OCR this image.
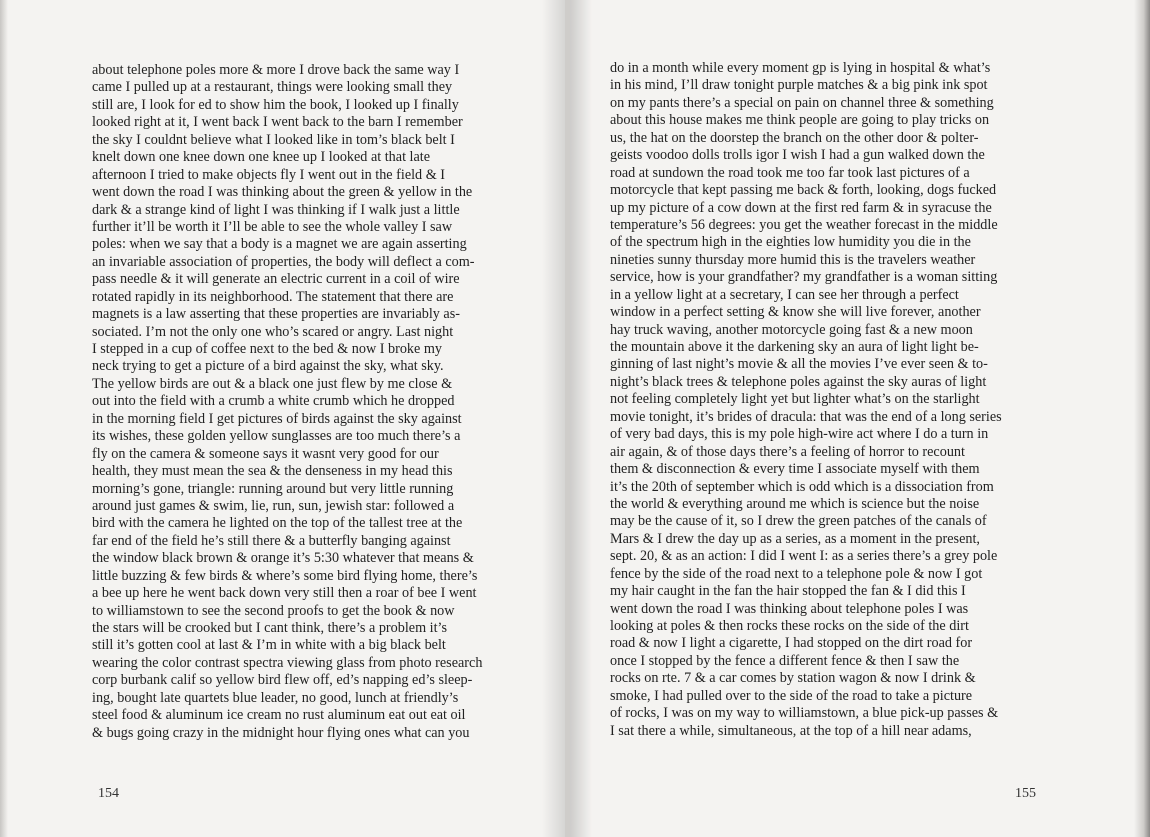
about telephone poles more & more I drove back the same way I
came I pulled up at a restaurant, things were looking small they
still are, I look for ed to show him the book, I looked up I finally
looked right at it, I went back I went back to the barn I remember
the sky I couldnt believe what I looked like in tom’s black belt I
knelt down one knee down one knee up I looked at that late
afternoon I tried to make objects fly I went out in the field & I
went down the road I was thinking about the green & yellow in the
dark & a strange kind of light I was thinking if I walk just a little
further it’ll be worth it I’ll be able to see the whole valley I saw
poles: when we say that a body is a magnet we are again asserting
an invariable association of properties, the body will deflect a com-
pass needle & it will generate an electric current in a coil of wire
rotated rapidly in its neighborhood. The statement that there are
magnets is a law asserting that these properties are invariably as-
sociated. I’m not the only one who’s scared or angry. Last night
I stepped in a cup of coffee next to the bed & now I broke my
neck trying to get a picture of a bird against the sky, what sky.
The yellow birds are out & a black one just flew by me close &
out into the field with a crumb a white crumb which he dropped
in the morning field I get pictures of birds against the sky against
its wishes, these golden yellow sunglasses are too much there’s a
fly on the camera & someone says it wasnt very good for our
health, they must mean the sea & the denseness in my head this
morning’s gone, triangle: running around but very little running
around just games & swim, lie, run, sun, jewish star: followed a
bird with the camera he lighted on the top of the tallest tree at the
far end of the field he’s still there & a butterfly banging against
the window black brown & orange it’s 5:30 whatever that means &
little buzzing & few birds & where’s some bird flying home, there’s
a bee up here he went back down very still then a roar of bee I went
to williamstown to see the second proofs to get the book & now
the stars will be crooked but I cant think, there’s a problem it’s
still it’s gotten cool at last & I’m in white with a big black belt
wearing the color contrast spectra viewing glass from photo research
corp burbank calif so yellow bird flew off, ed’s napping ed’s sleep-
ing, bought late quartets blue leader, no good, lunch at friendly’s
steel food & aluminum ice cream no rust aluminum eat out eat oil
& bugs going crazy in the midnight hour flying ones what can you
154
do in a month while every moment gp is lying in hospital & what’s
in his mind, I’ll draw tonight purple matches & a big pink ink spot
on my pants there’s a special on pain on channel three & something
about this house makes me think people are going to play tricks on
us, the hat on the doorstep the branch on the other door & polter-
geists voodoo dolls trolls igor I wish I had a gun walked down the
road at sundown the road took me too far took last pictures of a
motorcycle that kept passing me back & forth, looking, dogs fucked
up my picture of a cow down at the first red farm & in syracuse the
temperature’s 56 degrees: you get the weather forecast in the middle
of the spectrum high in the eighties low humidity you die in the
nineties sunny thursday more humid this is the travelers weather
service, how is your grandfather? my grandfather is a woman sitting
in a yellow light at a secretary, I can see her through a perfect
window in a perfect setting & know she will live forever, another
hay truck waving, another motorcycle going fast & a new moon
the mountain above it the darkening sky an aura of light light be-
ginning of last night’s movie & all the movies I’ve ever seen & to-
night’s black trees & telephone poles against the sky auras of light
not feeling completely light yet but lighter what’s on the starlight
movie tonight, it’s brides of dracula: that was the end of a long series
of very bad days, this is my pole high-wire act where I do a turn in
air again, & of those days there’s a feeling of horror to recount
them & disconnection & every time I associate myself with them
it’s the 20th of september which is odd which is a dissociation from
the world & everything around me which is science but the noise
may be the cause of it, so I drew the green patches of the canals of
Mars & I drew the day up as a series, as a moment in the present,
sept. 20, & as an action: I did I went I: as a series there’s a grey pole
fence by the side of the road next to a telephone pole & now I got
my hair caught in the fan the hair stopped the fan & I did this I
went down the road I was thinking about telephone poles I was
looking at poles & then rocks these rocks on the side of the dirt
road & now I light a cigarette, I had stopped on the dirt road for
once I stopped by the fence a different fence & then I saw the
rocks on rte. 7 & a car comes by station wagon & now I drink &
smoke, I had pulled over to the side of the road to take a picture
of rocks, I was on my way to williamstown, a blue pick-up passes &
I sat there a while, simultaneous, at the top of a hill near adams,
155
